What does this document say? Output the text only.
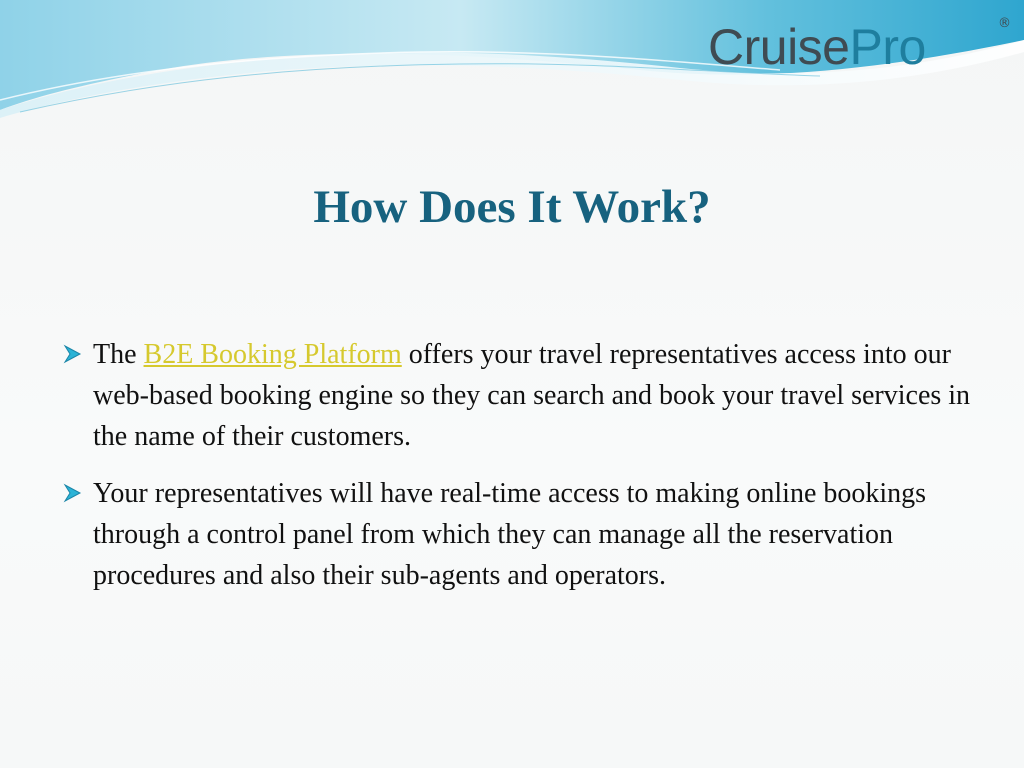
Cruise Pro	®
How Does It Work?
The B2E Booking Platform offers your travel representatives access into our web-based booking engine so they can search and book your travel services in the name of their customers.
Your representatives will have real-time access to making online bookings through a control panel from which they can manage all the reservation procedures and also their sub-agents and operators.
